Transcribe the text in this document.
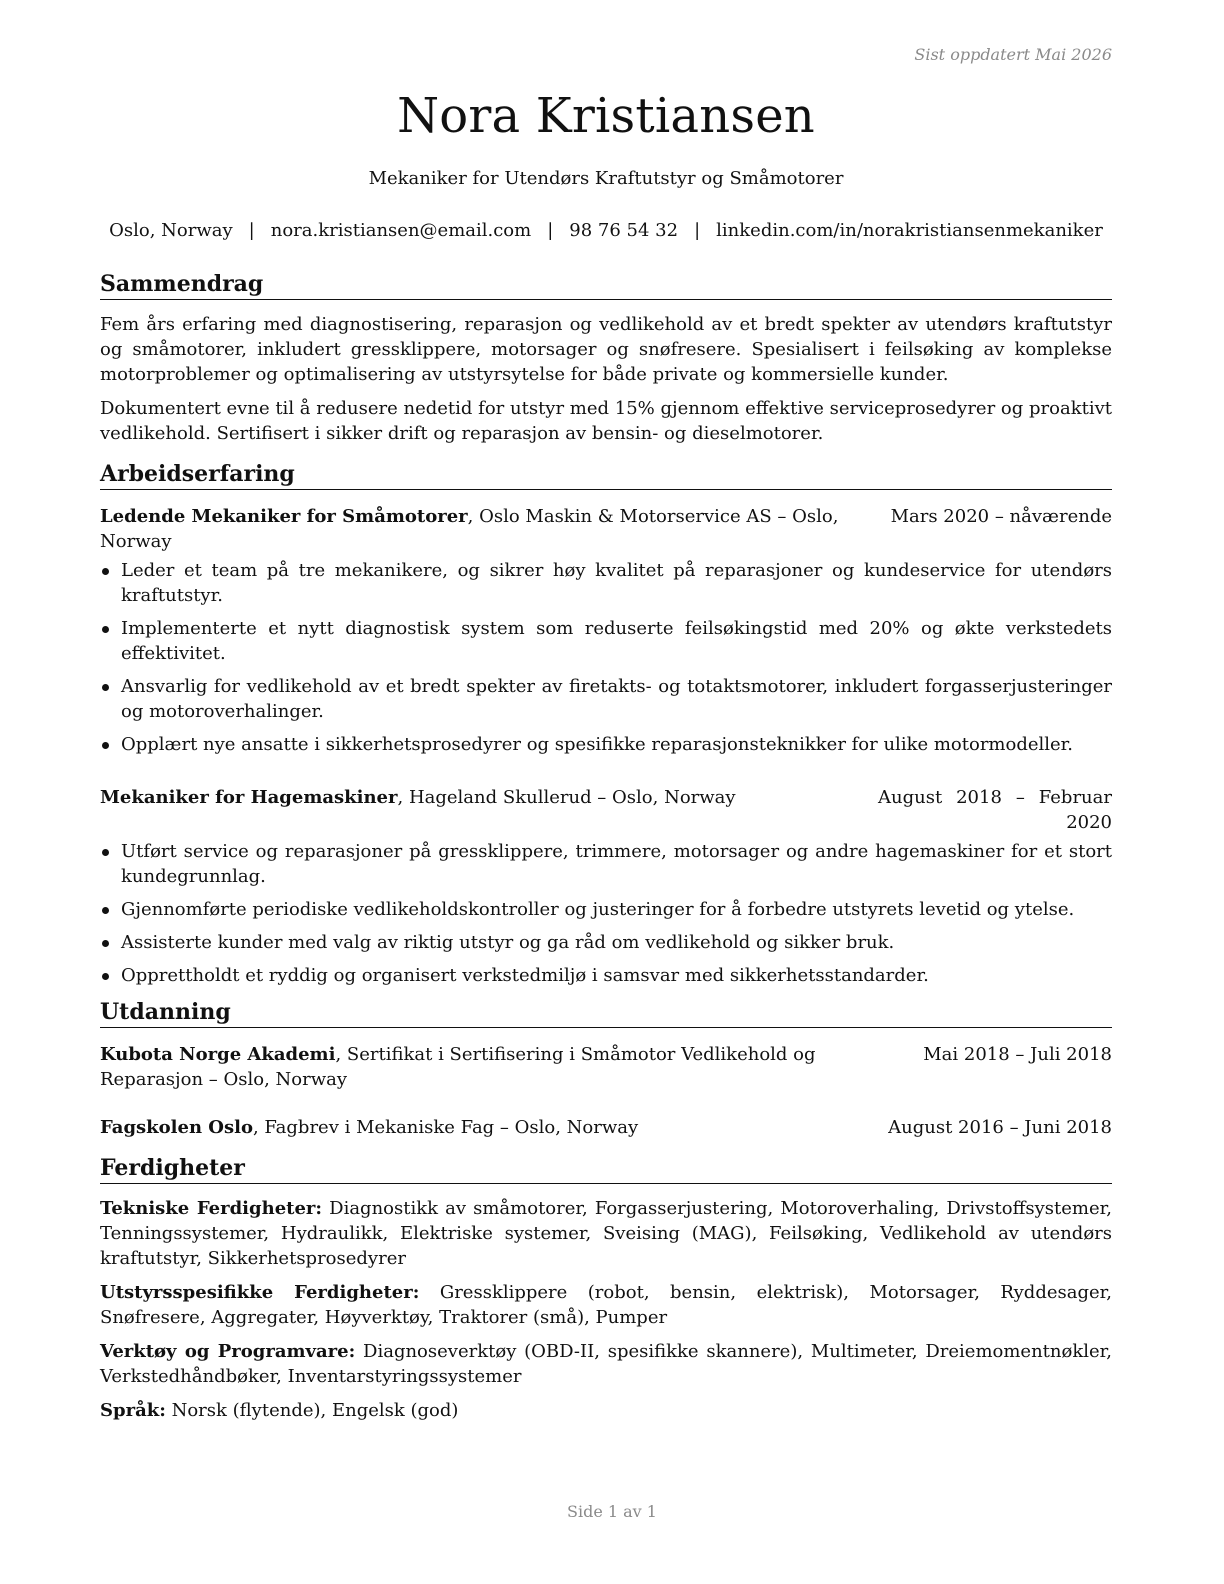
Sist oppdatert Mai 2026
Nora Kristiansen
Mekaniker for Utendørs Kraftutstyr og Småmotorer
Oslo, Norway | nora.kristiansen@email.com | 98 76 54 32 | linkedin.com/in/norakristiansenmekaniker
Sammendrag

Fem års erfaring med diagnostisering, reparasjon og vedlikehold av et bredt spekter av utendørs kraftutstyr og småmotorer, inkludert gressklippere, motorsager og snøfresere. Spesialisert i feilsøking av komplekse motorproblemer og optimalisering av utstyrsytelse for både private og kommersielle kunder.

Dokumentert evne til å redusere nedetid for utstyr med 15% gjennom effektive serviceprosedyrer og proaktivt vedlikehold. Sertifisert i sikker drift og reparasjon av bensin- og dieselmotorer.

Arbeidserfaring
Ledende Mekaniker for Småmotorer, Oslo Maskin & Motorservice AS – Oslo, Norway
Mars 2020 – nåværende
Leder et team på tre mekanikere, og sikrer høy kvalitet på reparasjoner og kundeservice for utendørs kraftutstyr.
Implementerte et nytt diagnostisk system som reduserte feilsøkingstid med 20% og økte verkstedets effektivitet.
Ansvarlig for vedlikehold av et bredt spekter av firetakts- og totaktsmotorer, inkludert forgasserjusteringer og motoroverhalinger.
Opplært nye ansatte i sikkerhetsprosedyrer og spesifikke reparasjonsteknikker for ulike motormodeller.
Mekaniker for Hagemaskiner, Hageland Skullerud – Oslo, Norway	August 2018 – Februar 2020
Utført service og reparasjoner på gressklippere, trimmere, motorsager og andre hagemaskiner for et stort kundegrunnlag.
Gjennomførte periodiske vedlikeholdskontroller og justeringer for å forbedre utstyrets levetid og ytelse.
Assisterte kunder med valg av riktig utstyr og ga råd om vedlikehold og sikker bruk.
Opprettholdt et ryddig og organisert verkstedmiljø i samsvar med sikkerhetsstandarder.
Utdanning
Kubota Norge Akademi, Sertifikat i Sertifisering i Småmotor Vedlikehold og Reparasjon – Oslo, Norway
Mai 2018 – Juli 2018
Fagskolen Oslo, Fagbrev i Mekaniske Fag – Oslo, Norway	August 2016 – Juni 2018
Ferdigheter

Tekniske Ferdigheter: Diagnostikk av småmotorer, Forgasserjustering, Motoroverhaling, Drivstoffsystemer, Tenningssystemer, Hydraulikk, Elektriske systemer, Sveising (MAG), Feilsøking, Vedlikehold av utendørs kraftutstyr, Sikkerhetsprosedyrer

Utstyrsspesifikke Ferdigheter: Gressklippere (robot, bensin, elektrisk), Motorsager, Ryddesager, Snøfresere, Aggregater, Høyverktøy, Traktorer (små), Pumper

Verktøy og Programvare: Diagnoseverktøy (OBD-II, spesifikke skannere), Multimeter, Dreiemomentnøkler, Verkstedhåndbøker, Inventarstyringssystemer

Språk: Norsk (flytende), Engelsk (god)

Side 1 av 1
